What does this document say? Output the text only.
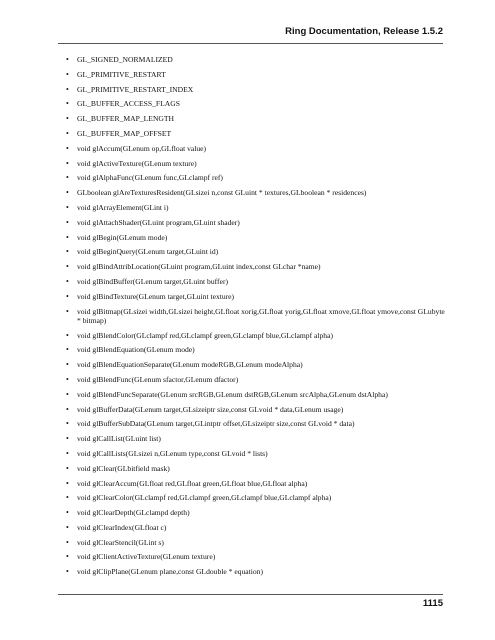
Ring Documentation, Release 1.5.2
• GL_SIGNED_NORMALIZED
• GL_PRIMITIVE_RESTART
• GL_PRIMITIVE_RESTART_INDEX
• GL_BUFFER_ACCESS_FLAGS
• GL_BUFFER_MAP_LENGTH
• GL_BUFFER_MAP_OFFSET
• void glAccum(GLenum op,GLfloat value)
• void glActiveTexture(GLenum texture)
• void glAlphaFunc(GLenum func,GLclampf ref)
• GLboolean glAreTexturesResident(GLsizei n,const GLuint * textures,GLboolean * residences)
• void glArrayElement(GLint i)
• void glAttachShader(GLuint program,GLuint shader)
• void glBegin(GLenum mode)
• void glBeginQuery(GLenum target,GLuint id)
• void glBindAttribLocation(GLuint program,GLuint index,const GLchar *name)
• void glBindBuffer(GLenum target,GLuint buffer)
• void glBindTexture(GLenum target,GLuint texture)
• void glBitmap(GLsizei width,GLsizei height,GLfloat xorig,GLfloat yorig,GLfloat xmove,GLfloat ymove,const GLubyte * bitmap)
• void glBlendColor(GLclampf red,GLclampf green,GLclampf blue,GLclampf alpha)
• void glBlendEquation(GLenum mode)
• void glBlendEquationSeparate(GLenum modeRGB,GLenum modeAlpha)
• void glBlendFunc(GLenum sfactor,GLenum dfactor)
• void glBlendFuncSeparate(GLenum srcRGB,GLenum dstRGB,GLenum srcAlpha,GLenum dstAlpha)
• void glBufferData(GLenum target,GLsizeiptr size,const GLvoid * data,GLenum usage)
• void glBufferSubData(GLenum target,GLintptr offset,GLsizeiptr size,const GLvoid * data)
• void glCallList(GLuint list)
• void glCallLists(GLsizei n,GLenum type,const GLvoid * lists)
• void glClear(GLbitfield mask)
• void glClearAccum(GLfloat red,GLfloat green,GLfloat blue,GLfloat alpha)
• void glClearColor(GLclampf red,GLclampf green,GLclampf blue,GLclampf alpha)
• void glClearDepth(GLclampd depth)
• void glClearIndex(GLfloat c)
• void glClearStencil(GLint s)
• void glClientActiveTexture(GLenum texture)
• void glClipPlane(GLenum plane,const GLdouble * equation)
1115
